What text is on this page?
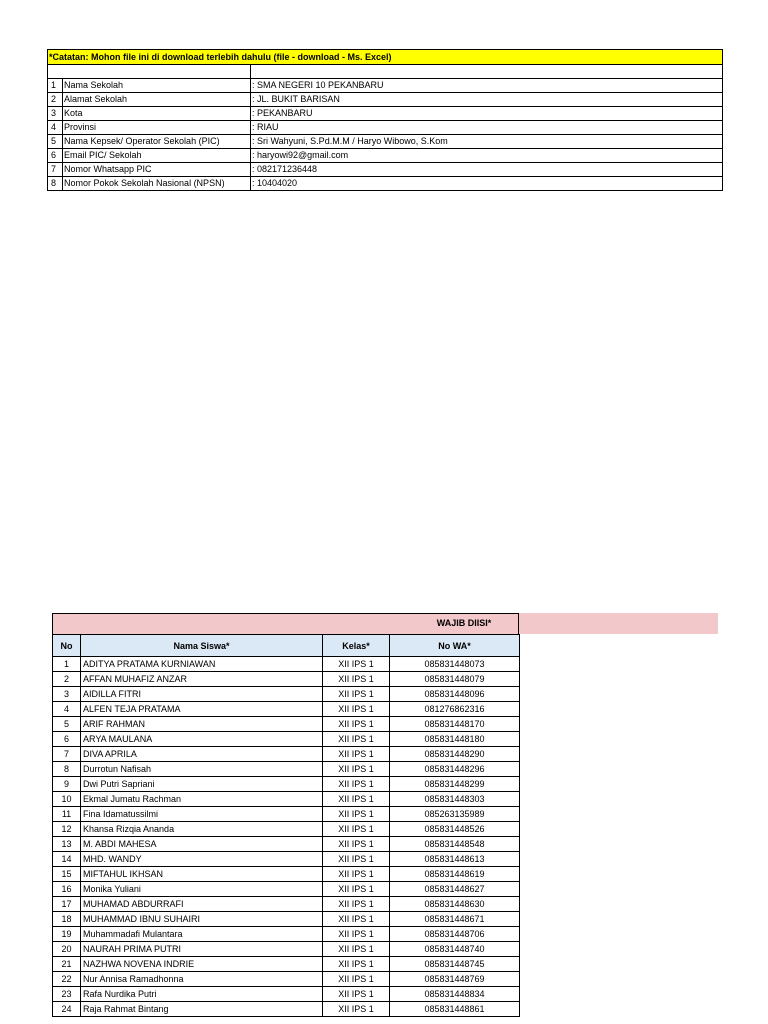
*Catatan: Mohon file ini di download terlebih dahulu (file - download - Ms. Excel)		

1	Nama Sekolah	: SMA NEGERI 10 PEKANBARU
2	Alamat Sekolah	: JL. BUKIT BARISAN
3	Kota	: PEKANBARU
4	Provinsi	: RIAU
5	Nama Kepsek/ Operator Sekolah (PIC)	: Sri Wahyuni, S.Pd.M.M / Haryo Wibowo, S.Kom
6	Email PIC/ Sekolah	: haryowi92@gmail.com
7	Nomor Whatsapp PIC	: 082171236448
8	Nomor Pokok Sekolah Nasional (NPSN)	: 10404020
WAJIB DIISI*
No	Nama Siswa*	Kelas*	No WA*
1	ADITYA PRATAMA KURNIAWAN	XII IPS 1	085831448073
2	AFFAN MUHAFIZ ANZAR	XII IPS 1	085831448079
3	AIDILLA FITRI	XII IPS 1	085831448096
4	ALFEN TEJA PRATAMA	XII IPS 1	081276862316
5	ARIF RAHMAN	XII IPS 1	085831448170
6	ARYA MAULANA	XII IPS 1	085831448180
7	DIVA APRILA	XII IPS 1	085831448290
8	Durrotun Nafisah	XII IPS 1	085831448296
9	Dwi Putri Sapriani	XII IPS 1	085831448299
10	Ekmal Jumatu Rachman	XII IPS 1	085831448303
11	Fina Idamatussilmi	XII IPS 1	085263135989
12	Khansa Rizqia Ananda	XII IPS 1	085831448526
13	M. ABDI MAHESA	XII IPS 1	085831448548
14	MHD. WANDY	XII IPS 1	085831448613
15	MIFTAHUL IKHSAN	XII IPS 1	085831448619
16	Monika Yuliani	XII IPS 1	085831448627
17	MUHAMAD ABDURRAFI	XII IPS 1	085831448630
18	MUHAMMAD IBNU SUHAIRI	XII IPS 1	085831448671
19	Muhammadafi Mulantara	XII IPS 1	085831448706
20	NAURAH PRIMA PUTRI	XII IPS 1	085831448740
21	NAZHWA NOVENA INDRIE	XII IPS 1	085831448745
22	Nur Annisa Ramadhonna	XII IPS 1	085831448769
23	Rafa Nurdika Putri	XII IPS 1	085831448834
24	Raja Rahmat Bintang	XII IPS 1	085831448861
